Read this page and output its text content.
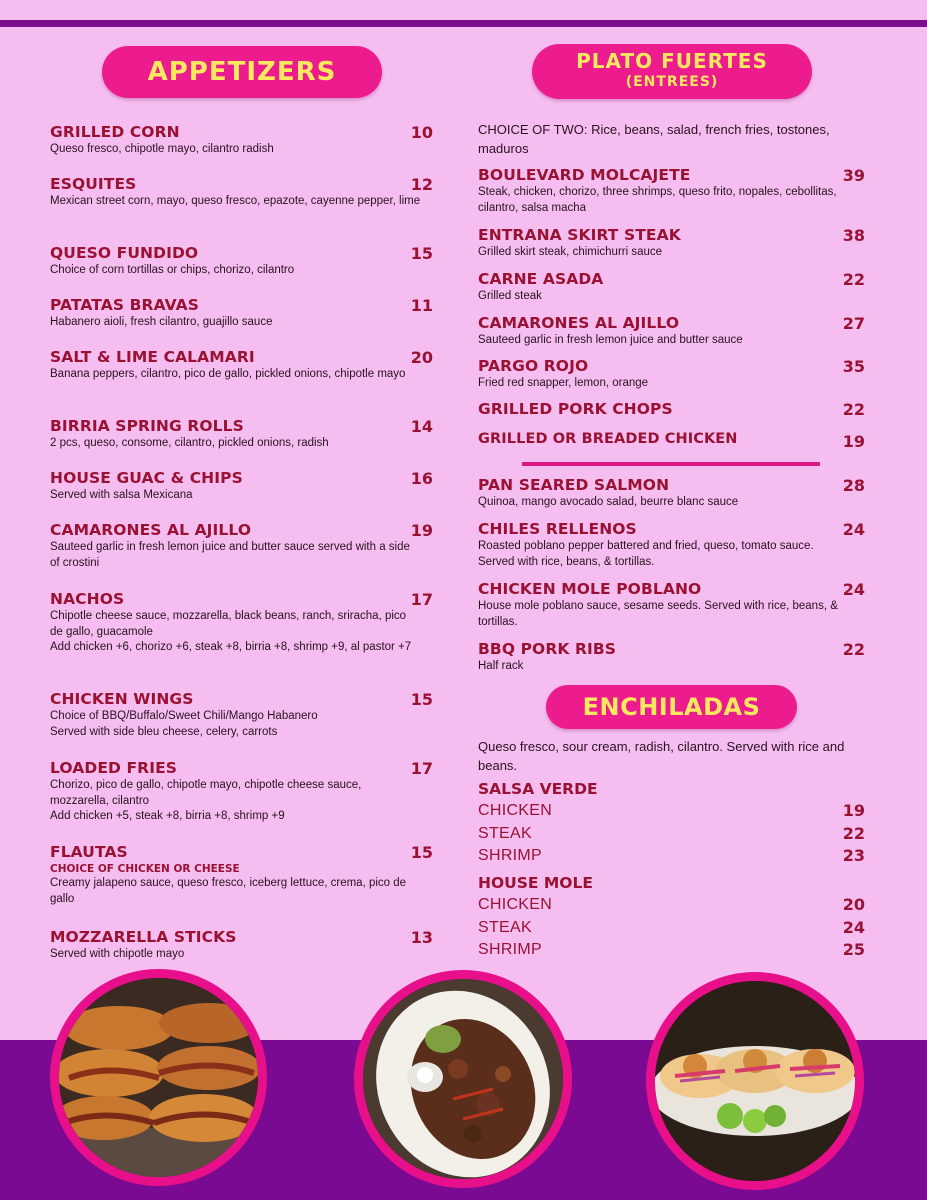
APPETIZERS	PLATO FUERTES
(ENTREES)
ENCHILADAS
GRILLED CORN	10
Queso fresco, chipotle mayo, cilantro radish
ESQUITES	12
Mexican street corn, mayo, queso fresco, epazote, cayenne pepper, lime
QUESO FUNDIDO	15
Choice of corn tortillas or chips, chorizo, cilantro
PATATAS BRAVAS	11
Habanero aioli, fresh cilantro, guajillo sauce
SALT & LIME CALAMARI	20
Banana peppers, cilantro, pico de gallo, pickled onions, chipotle mayo
BIRRIA SPRING ROLLS	14
2 pcs, queso, consome, cilantro, pickled onions, radish
HOUSE GUAC & CHIPS	16
Served with salsa Mexicana
CAMARONES AL AJILLO	19
Sauteed garlic in fresh lemon juice and butter sauce served with a side of crostini
NACHOS	17
Chipotle cheese sauce, mozzarella, black beans, ranch, sriracha, pico de gallo, guacamole
Add chicken +6, chorizo +6, steak +8, birria +8, shrimp +9, al pastor +7
CHICKEN WINGS	15
Choice of BBQ/Buffalo/Sweet Chili/Mango Habanero
Served with side bleu cheese, celery, carrots
LOADED FRIES	17
Chorizo, pico de gallo, chipotle mayo, chipotle cheese sauce, mozzarella, cilantro
Add chicken +5, steak +8, birria +8, shrimp +9
FLAUTAS	15
CHOICE OF CHICKEN OR CHEESE
Creamy jalapeno sauce, queso fresco, iceberg lettuce, crema, pico de gallo
MOZZARELLA STICKS	13
Served with chipotle mayo
CHOICE OF TWO: Rice, beans, salad, french fries, tostones, maduros
BOULEVARD MOLCAJETE	39
Steak, chicken, chorizo, three shrimps, queso frito, nopales, cebollitas, cilantro, salsa macha
ENTRANA SKIRT STEAK	38
Grilled skirt steak, chimichurri sauce
CARNE ASADA	22
Grilled steak
CAMARONES AL AJILLO	27
Sauteed garlic in fresh lemon juice and butter sauce
PARGO ROJO	35
Fried red snapper, lemon, orange
GRILLED PORK CHOPS	22
GRILLED OR BREADED CHICKEN	19
PAN SEARED SALMON	28
Quinoa, mango avocado salad, beurre blanc sauce
CHILES RELLENOS	24
Roasted poblano pepper battered and fried, queso, tomato sauce. Served with rice, beans, & tortillas.
CHICKEN MOLE POBLANO	24
House mole poblano sauce, sesame seeds. Served with rice, beans, & tortillas.
BBQ PORK RIBS	22
Half rack
Queso fresco, sour cream, radish, cilantro. Served with rice and beans.
SALSA VERDE
CHICKEN	19
STEAK	22
SHRIMP	23
HOUSE MOLE
CHICKEN	20
STEAK	24
SHRIMP	25
